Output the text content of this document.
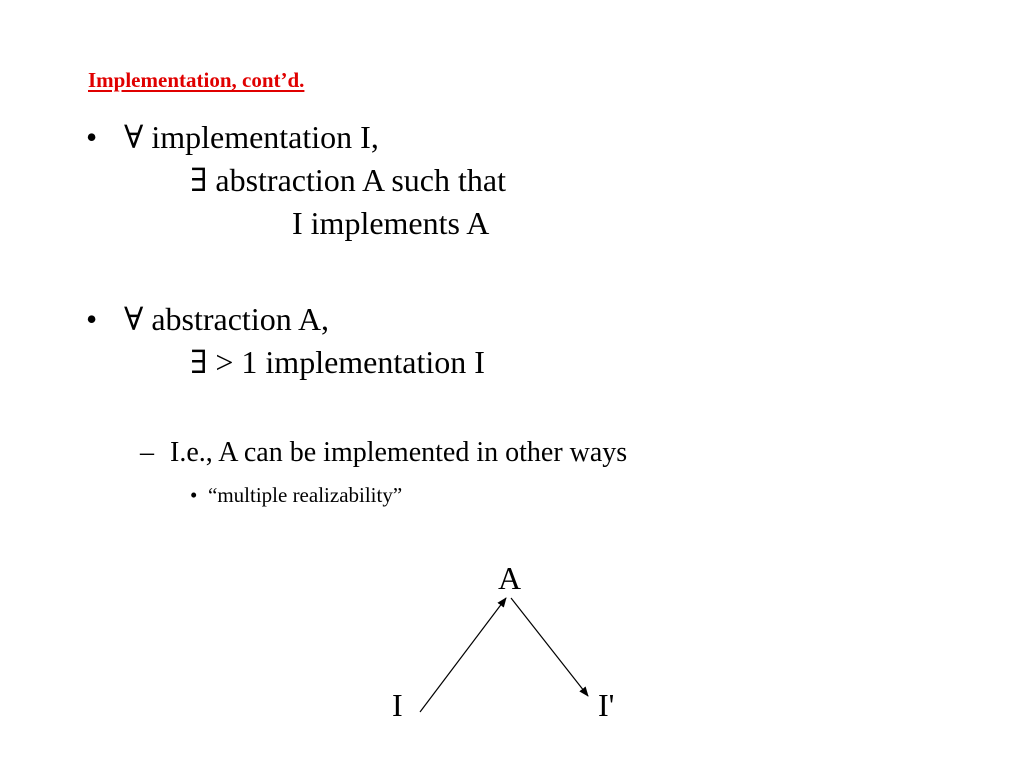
Implementation, cont’d.
• ∀ implementation I,
∃ abstraction A such that
I implements A
• ∀ abstraction A,
∃ > 1 implementation I
– I.e., A can be implemented in other ways
• “multiple realizability”
A
I	I'
